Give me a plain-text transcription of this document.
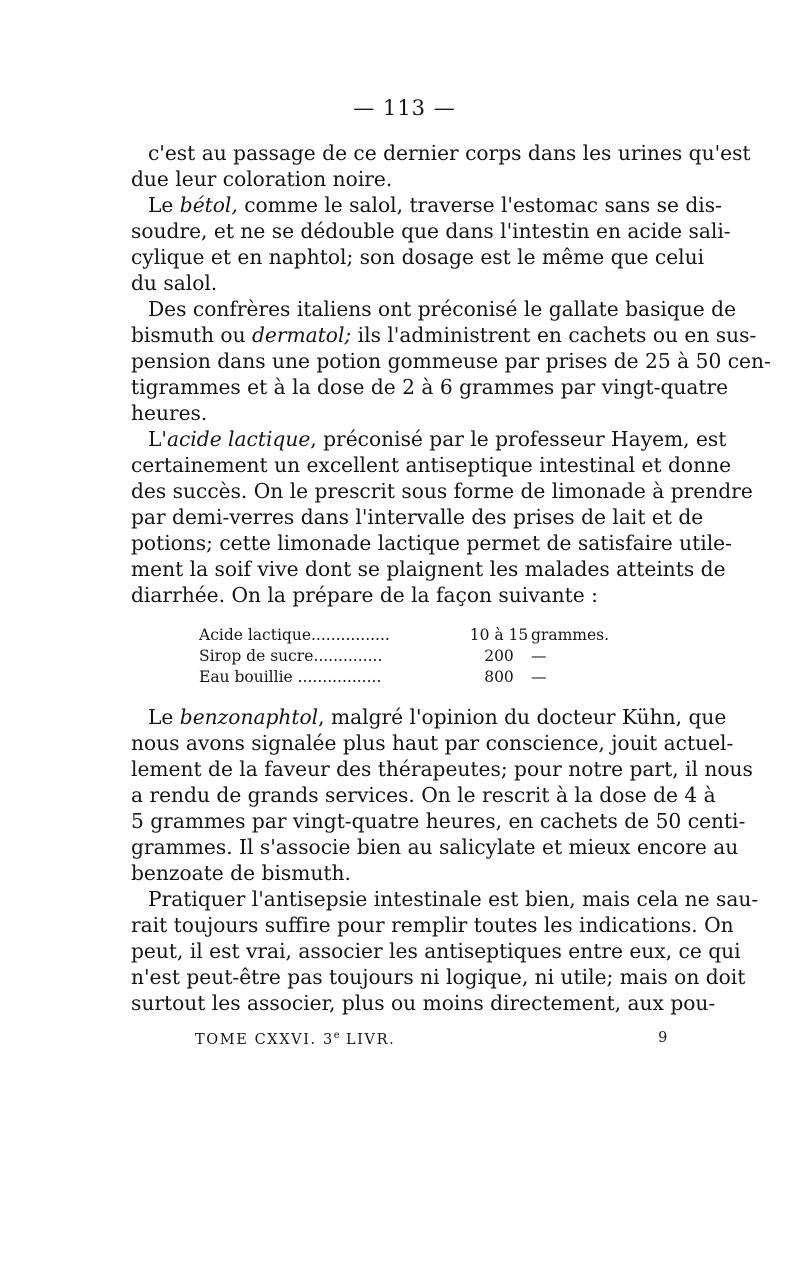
— 113 —
c'est au passage de ce dernier corps dans les urines qu'est
due leur coloration noire.
Le bétol, comme le salol, traverse l'estomac sans se dis-
soudre, et ne se dédouble que dans l'intestin en acide sali-
cylique et en naphtol; son dosage est le même que celui
du salol.
Des confrères italiens ont préconisé le gallate basique de
bismuth ou dermatol; ils l'administrent en cachets ou en sus-
pension dans une potion gommeuse par prises de 25 à 50 cen-
tigrammes et à la dose de 2 à 6 grammes par vingt-quatre
heures.
L'acide lactique, préconisé par le professeur Hayem, est
certainement un excellent antiseptique intestinal et donne
des succès. On le prescrit sous forme de limonade à prendre
par demi-verres dans l'intervalle des prises de lait et de
potions; cette limonade lactique permet de satisfaire utile-
ment la soif vive dont se plaignent les malades atteints de
diarrhée. On la prépare de la façon suivante :
Acide lactique................	10 à 15 grammes.
Sirop de sucre..............	200	—
Eau bouillie .................	800	—
Le benzonaphtol, malgré l'opinion du docteur Kühn, que
nous avons signalée plus haut par conscience, jouit actuel-
lement de la faveur des thérapeutes; pour notre part, il nous
a rendu de grands services. On le rescrit à la dose de 4 à
5 grammes par vingt-quatre heures, en cachets de 50 centi-
grammes. Il s'associe bien au salicylate et mieux encore au
benzoate de bismuth.
Pratiquer l'antisepsie intestinale est bien, mais cela ne sau-
rait toujours suffire pour remplir toutes les indications. On
peut, il est vrai, associer les antiseptiques entre eux, ce qui
n'est peut-être pas toujours ni logique, ni utile; mais on doit
surtout les associer, plus ou moins directement, aux pou-
TOME CXXVI. 3e LIVR.	9
